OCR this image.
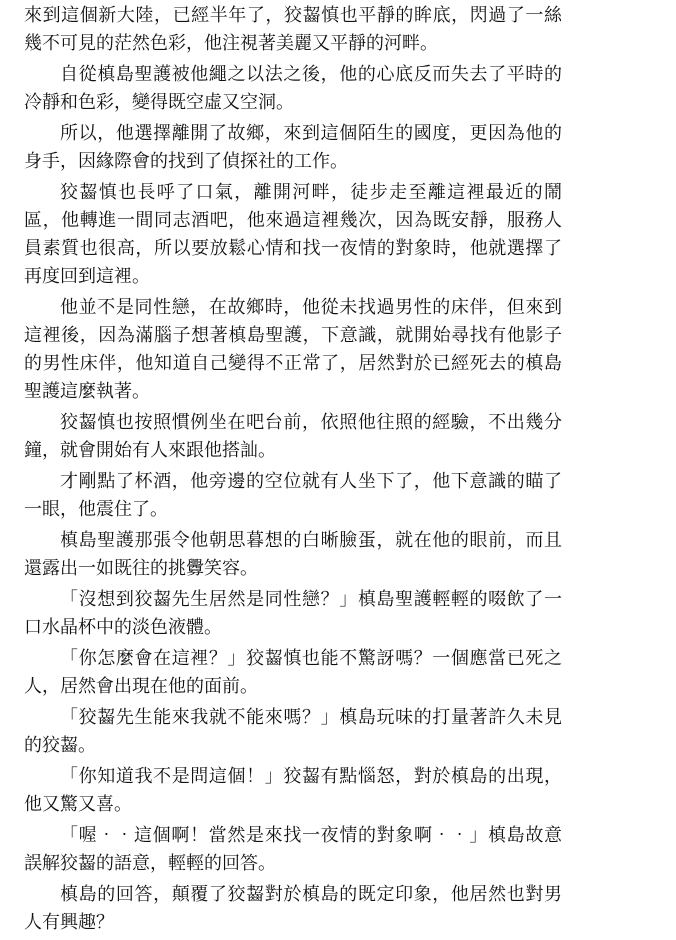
來到這個新大陸，已經半年了，狡齧慎也平靜的眸底，閃過了一絲幾不可見的茫然色彩，他注視著美麗又平靜的河畔。

自從槙島聖護被他繩之以法之後，他的心底反而失去了平時的冷靜和色彩，變得既空虛又空洞。

所以，他選擇離開了故鄉，來到這個陌生的國度，更因為他的身手，因緣際會的找到了偵探社的工作。

狡齧慎也長呼了口氣，離開河畔，徒步走至離這裡最近的鬧區，他轉進一間同志酒吧，他來過這裡幾次，因為既安靜，服務人員素質也很高，所以要放鬆心情和找一夜情的對象時，他就選擇了再度回到這裡。

他並不是同性戀，在故鄉時，他從未找過男性的床伴，但來到這裡後，因為滿腦子想著槙島聖護，下意識，就開始尋找有他影子的男性床伴，他知道自己變得不正常了，居然對於已經死去的槙島聖護這麼執著。

狡齧慎也按照慣例坐在吧台前，依照他往照的經驗，不出幾分鐘，就會開始有人來跟他搭訕。

才剛點了杯酒，他旁邊的空位就有人坐下了，他下意識的瞄了一眼，他震住了。

槙島聖護那張令他朝思暮想的白晰臉蛋，就在他的眼前，而且還露出一如既往的挑釁笑容。

「沒想到狡齧先生居然是同性戀？」槙島聖護輕輕的啜飲了一口水晶杯中的淡色液體。

「你怎麼會在這裡？」狡齧慎也能不驚訝嗎？一個應當已死之人，居然會出現在他的面前。

「狡齧先生能來我就不能來嗎？」槙島玩味的打量著許久未見的狡齧。

「你知道我不是問這個！」狡齧有點惱怒，對於槙島的出現，他又驚又喜。

「喔‧‧這個啊！當然是來找一夜情的對象啊‧‧」槙島故意誤解狡齧的語意，輕輕的回答。

槙島的回答，顛覆了狡齧對於槙島的既定印象，他居然也對男人有興趣？
